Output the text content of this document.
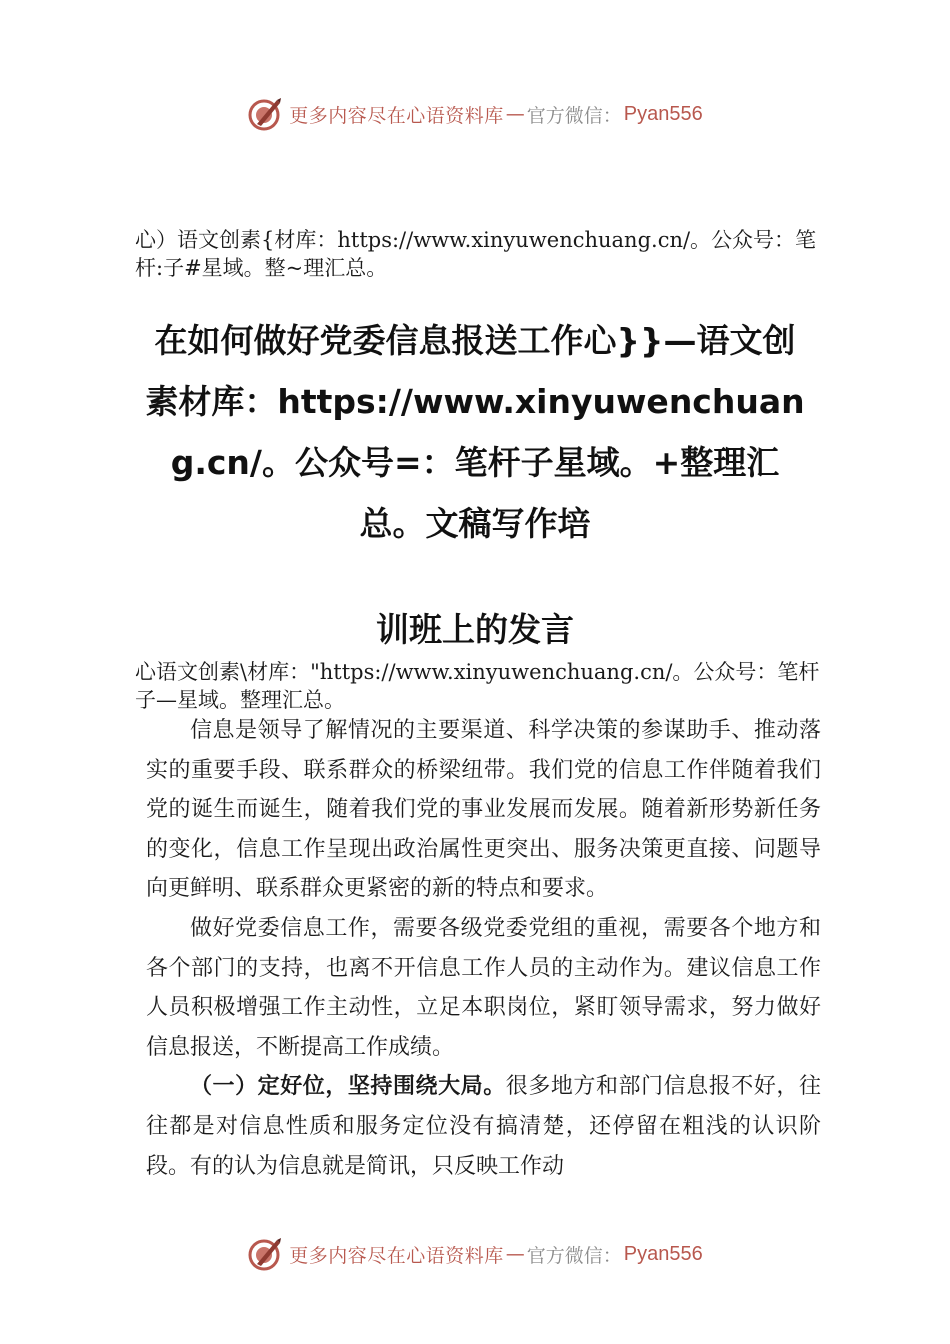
更多内容尽在心语资料库 — 官方微信： Pyan556
心）语文创素{材库：https://www.xinyuwenchuang.cn/。公众号：笔杆:子#星域。整~理汇总。
在如何做好党委信息报送工作心}}—语文创素材库：https://www.xinyuwenchuang.cn/。公众号=：笔杆子星域。+整理汇总。文稿写作培
训班上的发言
心语文创素\材库："https://www.xinyuwenchuang.cn/。公众号：笔杆子—星域。整理汇总。

信息是领导了解情况的主要渠道、科学决策的参谋助手、推动落实的重要手段、联系群众的桥梁纽带。我们党的信息工作伴随着我们党的诞生而诞生，随着我们党的事业发展而发展。随着新形势新任务的变化，信息工作呈现出政治属性更突出、服务决策更直接、问题导向更鲜明、联系群众更紧密的新的特点和要求。

做好党委信息工作，需要各级党委党组的重视，需要各个地方和各个部门的支持，也离不开信息工作人员的主动作为。建议信息工作人员积极增强工作主动性，立足本职岗位，紧盯领导需求，努力做好信息报送，不断提高工作成绩。

（一）定好位，坚持围绕大局。很多地方和部门信息报不好，往往都是对信息性质和服务定位没有搞清楚，还停留在粗浅的认识阶段。有的认为信息就是简讯，只反映工作动

更多内容尽在心语资料库 — 官方微信： Pyan556
